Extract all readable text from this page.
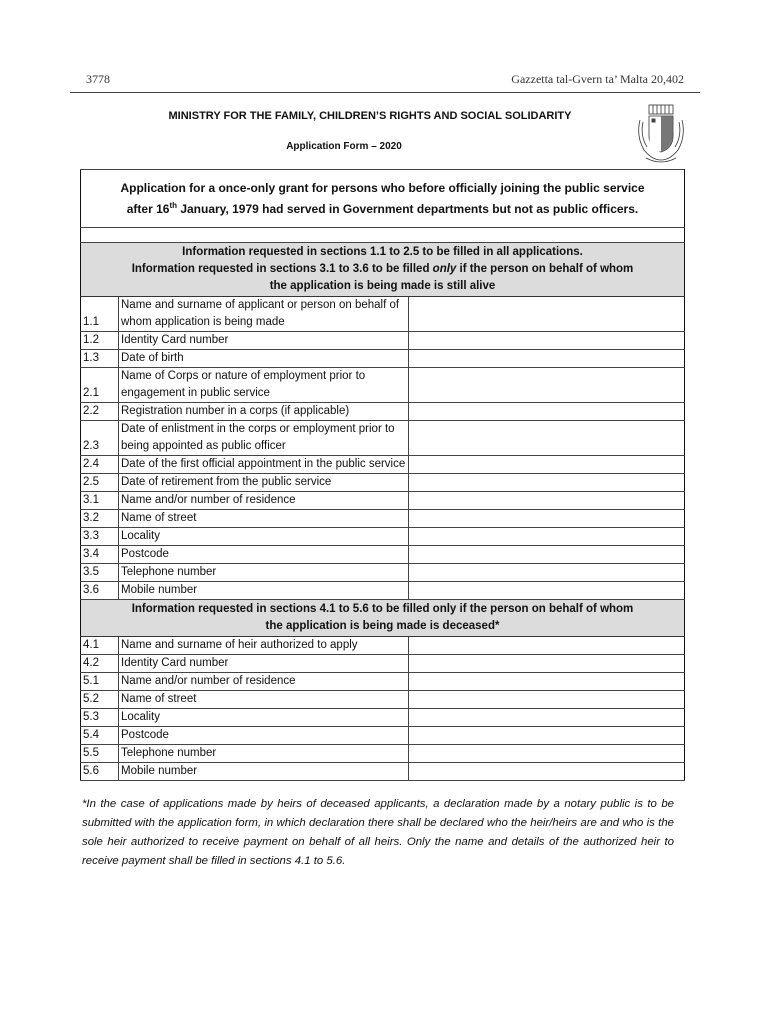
3778	Gazzetta tal-Gvern ta’ Malta 20,402
MINISTRY FOR THE FAMILY, CHILDREN’S RIGHTS AND SOCIAL SOLIDARITY
Application Form – 2020
Application for a once-only grant for persons who before officially joining the public service
after 16th January, 1979 had served in Government departments but not as public officers.		

Information requested in sections 1.1 to 2.5 to be filled in all applications.
Information requested in sections 3.1 to 3.6 to be filled only if the person on behalf of whom
the application is being made is still alive		
1.1	Name and surname of applicant or person on behalf of whom application is being made	
1.2	Identity Card number	
1.3	Date of birth	
2.1	Name of Corps or nature of employment prior to engagement in public service	
2.2	Registration number in a corps (if applicable)	
2.3	Date of enlistment in the corps or employment prior to being appointed as public officer	
2.4	Date of the first official appointment in the public service	
2.5	Date of retirement from the public service	
3.1	Name and/or number of residence	
3.2	Name of street	
3.3	Locality	
3.4	Postcode	
3.5	Telephone number	
3.6	Mobile number	
Information requested in sections 4.1 to 5.6 to be filled only if the person on behalf of whom
the application is being made is deceased*		
4.1	Name and surname of heir authorized to apply	
4.2	Identity Card number	
5.1	Name and/or number of residence	
5.2	Name of street	
5.3	Locality	
5.4	Postcode	
5.5	Telephone number	
5.6	Mobile number	
*In the case of applications made by heirs of deceased applicants, a declaration made by a notary public is to be submitted with the application form, in which declaration there shall be declared who the heir/heirs are and who is the sole heir authorized to receive payment on behalf of all heirs. Only the name and details of the authorized heir to receive payment shall be filled in sections 4.1 to 5.6.
